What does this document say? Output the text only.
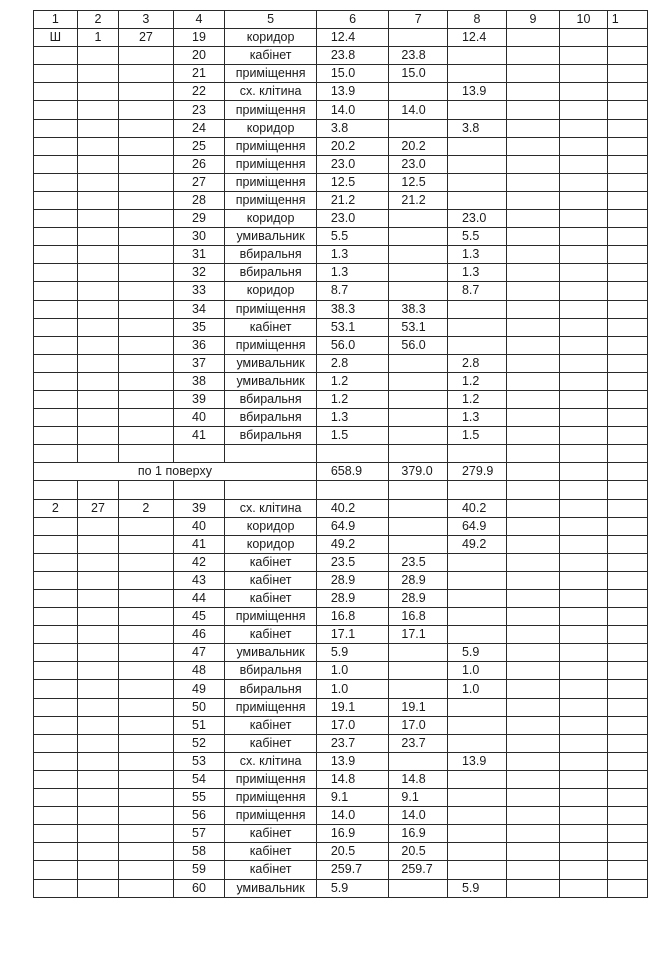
1	2	3	4	5	6	7	8	9	10	1
Ш	1	27	19	коридор	12.4		12.4			
			20	кабінет	23.8	23.8				
			21	приміщення	15.0	15.0				
			22	сх. клітина	13.9		13.9			
			23	приміщення	14.0	14.0				
			24	коридор	3.8		3.8			
			25	приміщення	20.2	20.2				
			26	приміщення	23.0	23.0				
			27	приміщення	12.5	12.5				
			28	приміщення	21.2	21.2				
			29	коридор	23.0		23.0			
			30	умивальник	5.5		5.5			
			31	вбиральня	1.3		1.3			
			32	вбиральня	1.3		1.3			
			33	коридор	8.7		8.7			
			34	приміщення	38.3	38.3				
			35	кабінет	53.1	53.1				
			36	приміщення	56.0	56.0				
			37	умивальник	2.8		2.8			
			38	умивальник	1.2		1.2			
			39	вбиральня	1.2		1.2			
			40	вбиральня	1.3		1.3			
			41	вбиральня	1.5		1.5			

по 1 поверху					658.9	379.0	279.9			

2	27	2	39	сх. клітина	40.2		40.2			
			40	коридор	64.9		64.9			
			41	коридор	49.2		49.2			
			42	кабінет	23.5	23.5				
			43	кабінет	28.9	28.9				
			44	кабінет	28.9	28.9				
			45	приміщення	16.8	16.8				
			46	кабінет	17.1	17.1				
			47	умивальник	5.9		5.9			
			48	вбиральня	1.0		1.0			
			49	вбиральня	1.0		1.0			
			50	приміщення	19.1	19.1				
			51	кабінет	17.0	17.0				
			52	кабінет	23.7	23.7				
			53	сх. клітина	13.9		13.9			
			54	приміщення	14.8	14.8				
			55	приміщення	9.1	9.1				
			56	приміщення	14.0	14.0				
			57	кабінет	16.9	16.9				
			58	кабінет	20.5	20.5				
			59	кабінет	259.7	259.7				
			60	умивальник	5.9		5.9			
